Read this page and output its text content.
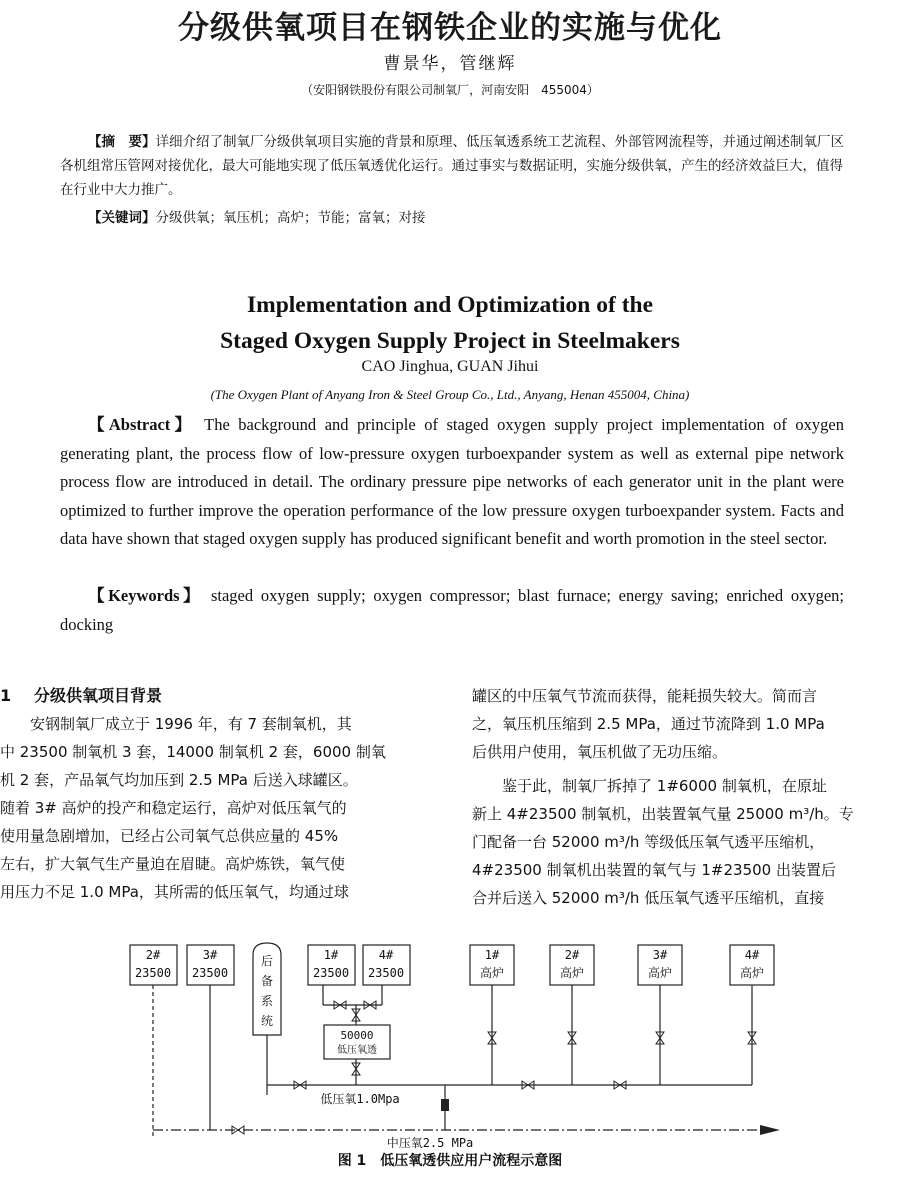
分级供氧项目在钢铁企业的实施与优化
曹景华，管继辉
（安阳钢铁股份有限公司制氧厂，河南安阳　455004）
【摘　要】详细介绍了制氧厂分级供氧项目实施的背景和原理、低压氧透系统工艺流程、外部管网流程等，并通过阐述制氧厂区各机组常压管网对接优化，最大可能地实现了低压氧透优化运行。通过事实与数据证明，实施分级供氧，产生的经济效益巨大，值得在行业中大力推广。
【关键词】分级供氧；氧压机；高炉；节能；富氧；对接
Implementation and Optimization of the
Staged Oxygen Supply Project in Steelmakers
CAO Jinghua, GUAN Jihui
(The Oxygen Plant of Anyang Iron & Steel Group Co., Ltd., Anyang, Henan 455004, China)
【Abstract】 The background and principle of staged oxygen supply project implementation of oxygen generating plant, the process flow of low-pressure oxygen turboexpander system as well as external pipe network process flow are introduced in detail. The ordinary pressure pipe networks of each generator unit in the plant were optimized to further improve the operation performance of the low pressure oxygen turboexpander system. Facts and data have shown that staged oxygen supply has produced significant benefit and worth promotion in the steel sector.
【Keywords】 staged oxygen supply; oxygen compressor; blast furnace; energy saving; enriched oxygen; docking
1 分级供氧项目背景
安钢制氧厂成立于 1996 年，有 7 套制氧机，其
中 23500 制氧机 3 套，14000 制氧机 2 套，6000 制氧
机 2 套，产品氧气均加压到 2.5 MPa 后送入球罐区。
随着 3# 高炉的投产和稳定运行，高炉对低压氧气的
使用量急剧增加，已经占公司氧气总供应量的 45%
左右，扩大氧气生产量迫在眉睫。高炉炼铁，氧气使
用压力不足 1.0 MPa，其所需的低压氧气，均通过球
罐区的中压氧气节流而获得，能耗损失较大。简而言
之，氧压机压缩到 2.5 MPa，通过节流降到 1.0 MPa
后供用户使用，氧压机做了无功压缩。
鉴于此，制氧厂拆掉了 1#6000 制氧机，在原址
新上 4#23500 制氧机，出装置氧气量 25000 m³/h。专
门配备一台 52000 m³/h 等级低压氧气透平压缩机，
4#23500 制氧机出装置的氧气与 1#23500 出装置后
合并后送入 52000 m³/h 低压氧气透平压缩机，直接
2#
23500
3#
23500
1#
23500
4#
23500
后
备
系
统
50000
低压氧透
1#
高炉
2#
高炉
3#
高炉
4#
高炉
低压氧1.0Mpa
中压氧2.5 MPa
图 1　低压氧透供应用户流程示意图
